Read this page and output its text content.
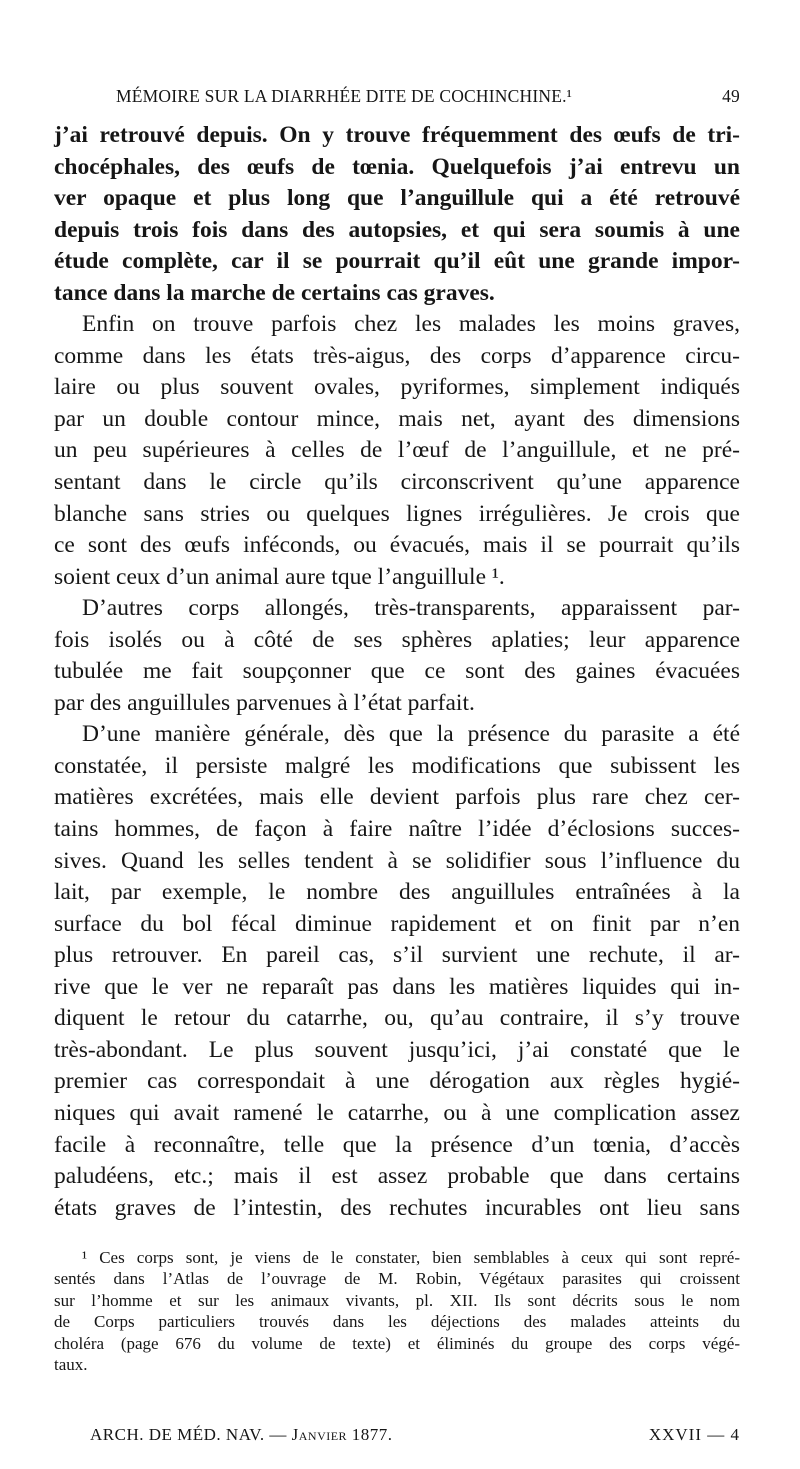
MÉMOIRE SUR LA DIARRHÉE DITE DE COCHINCHINE.¹	49
j’ai retrouvé depuis. On y trouve fréquemment des œufs de tri-
chocéphales, des œufs de tœnia. Quelquefois j’ai entrevu un
ver opaque et plus long que l’anguillule qui a été retrouvé
depuis trois fois dans des autopsies, et qui sera soumis à une
étude complète, car il se pourrait qu’il eût une grande impor-
tance dans la marche de certains cas graves.
Enfin on trouve parfois chez les malades les moins graves,
comme dans les états très-aigus, des corps d’apparence circu-
laire ou plus souvent ovales, pyriformes, simplement indiqués
par un double contour mince, mais net, ayant des dimensions
un peu supérieures à celles de l’œuf de l’anguillule, et ne pré-
sentant dans le circle qu’ils circonscrivent qu’une apparence
blanche sans stries ou quelques lignes irrégulières. Je crois que
ce sont des œufs inféconds, ou évacués, mais il se pourrait qu’ils
soient ceux d’un animal aure tque l’anguillule ¹.
D’autres corps allongés, très-transparents, apparaissent par-
fois isolés ou à côté de ses sphères aplaties; leur apparence
tubulée me fait soupçonner que ce sont des gaines évacuées
par des anguillules parvenues à l’état parfait.
D’une manière générale, dès que la présence du parasite a été
constatée, il persiste malgré les modifications que subissent les
matières excrétées, mais elle devient parfois plus rare chez cer-
tains hommes, de façon à faire naître l’idée d’éclosions succes-
sives. Quand les selles tendent à se solidifier sous l’influence du
lait, par exemple, le nombre des anguillules entraînées à la
surface du bol fécal diminue rapidement et on finit par n’en
plus retrouver. En pareil cas, s’il survient une rechute, il ar-
rive que le ver ne reparaît pas dans les matières liquides qui in-
diquent le retour du catarrhe, ou, qu’au contraire, il s’y trouve
très-abondant. Le plus souvent jusqu’ici, j’ai constaté que le
premier cas correspondait à une dérogation aux règles hygié-
niques qui avait ramené le catarrhe, ou à une complication assez
facile à reconnaître, telle que la présence d’un tœnia, d’accès
paludéens, etc.; mais il est assez probable que dans certains
états graves de l’intestin, des rechutes incurables ont lieu sans
¹ Ces corps sont, je viens de le constater, bien semblables à ceux qui sont repré-
sentés dans l’Atlas de l’ouvrage de M. Robin, Végétaux parasites qui croissent
sur l’homme et sur les animaux vivants, pl. XII. Ils sont décrits sous le nom
de Corps particuliers trouvés dans les déjections des malades atteints du
choléra (page 676 du volume de texte) et éliminés du groupe des corps végé-
taux.
ARCH. DE MÉD. NAV. — Janvier 1877.	XXVII — 4
